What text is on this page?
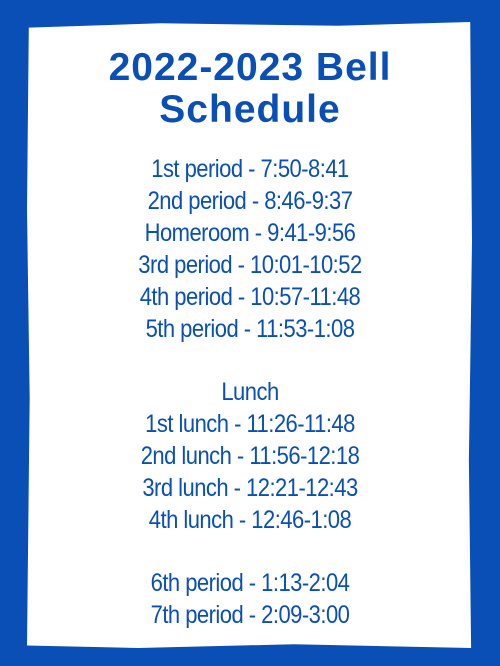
2022-2023 Bell
Schedule
1st period - 7:50-8:41
2nd period - 8:46-9:37
Homeroom - 9:41-9:56
3rd period - 10:01-10:52
4th period - 10:57-11:48
5th period - 11:53-1:08
Lunch
1st lunch - 11:26-11:48
2nd lunch - 11:56-12:18
3rd lunch - 12:21-12:43
4th lunch - 12:46-1:08
6th period - 1:13-2:04
7th period - 2:09-3:00
